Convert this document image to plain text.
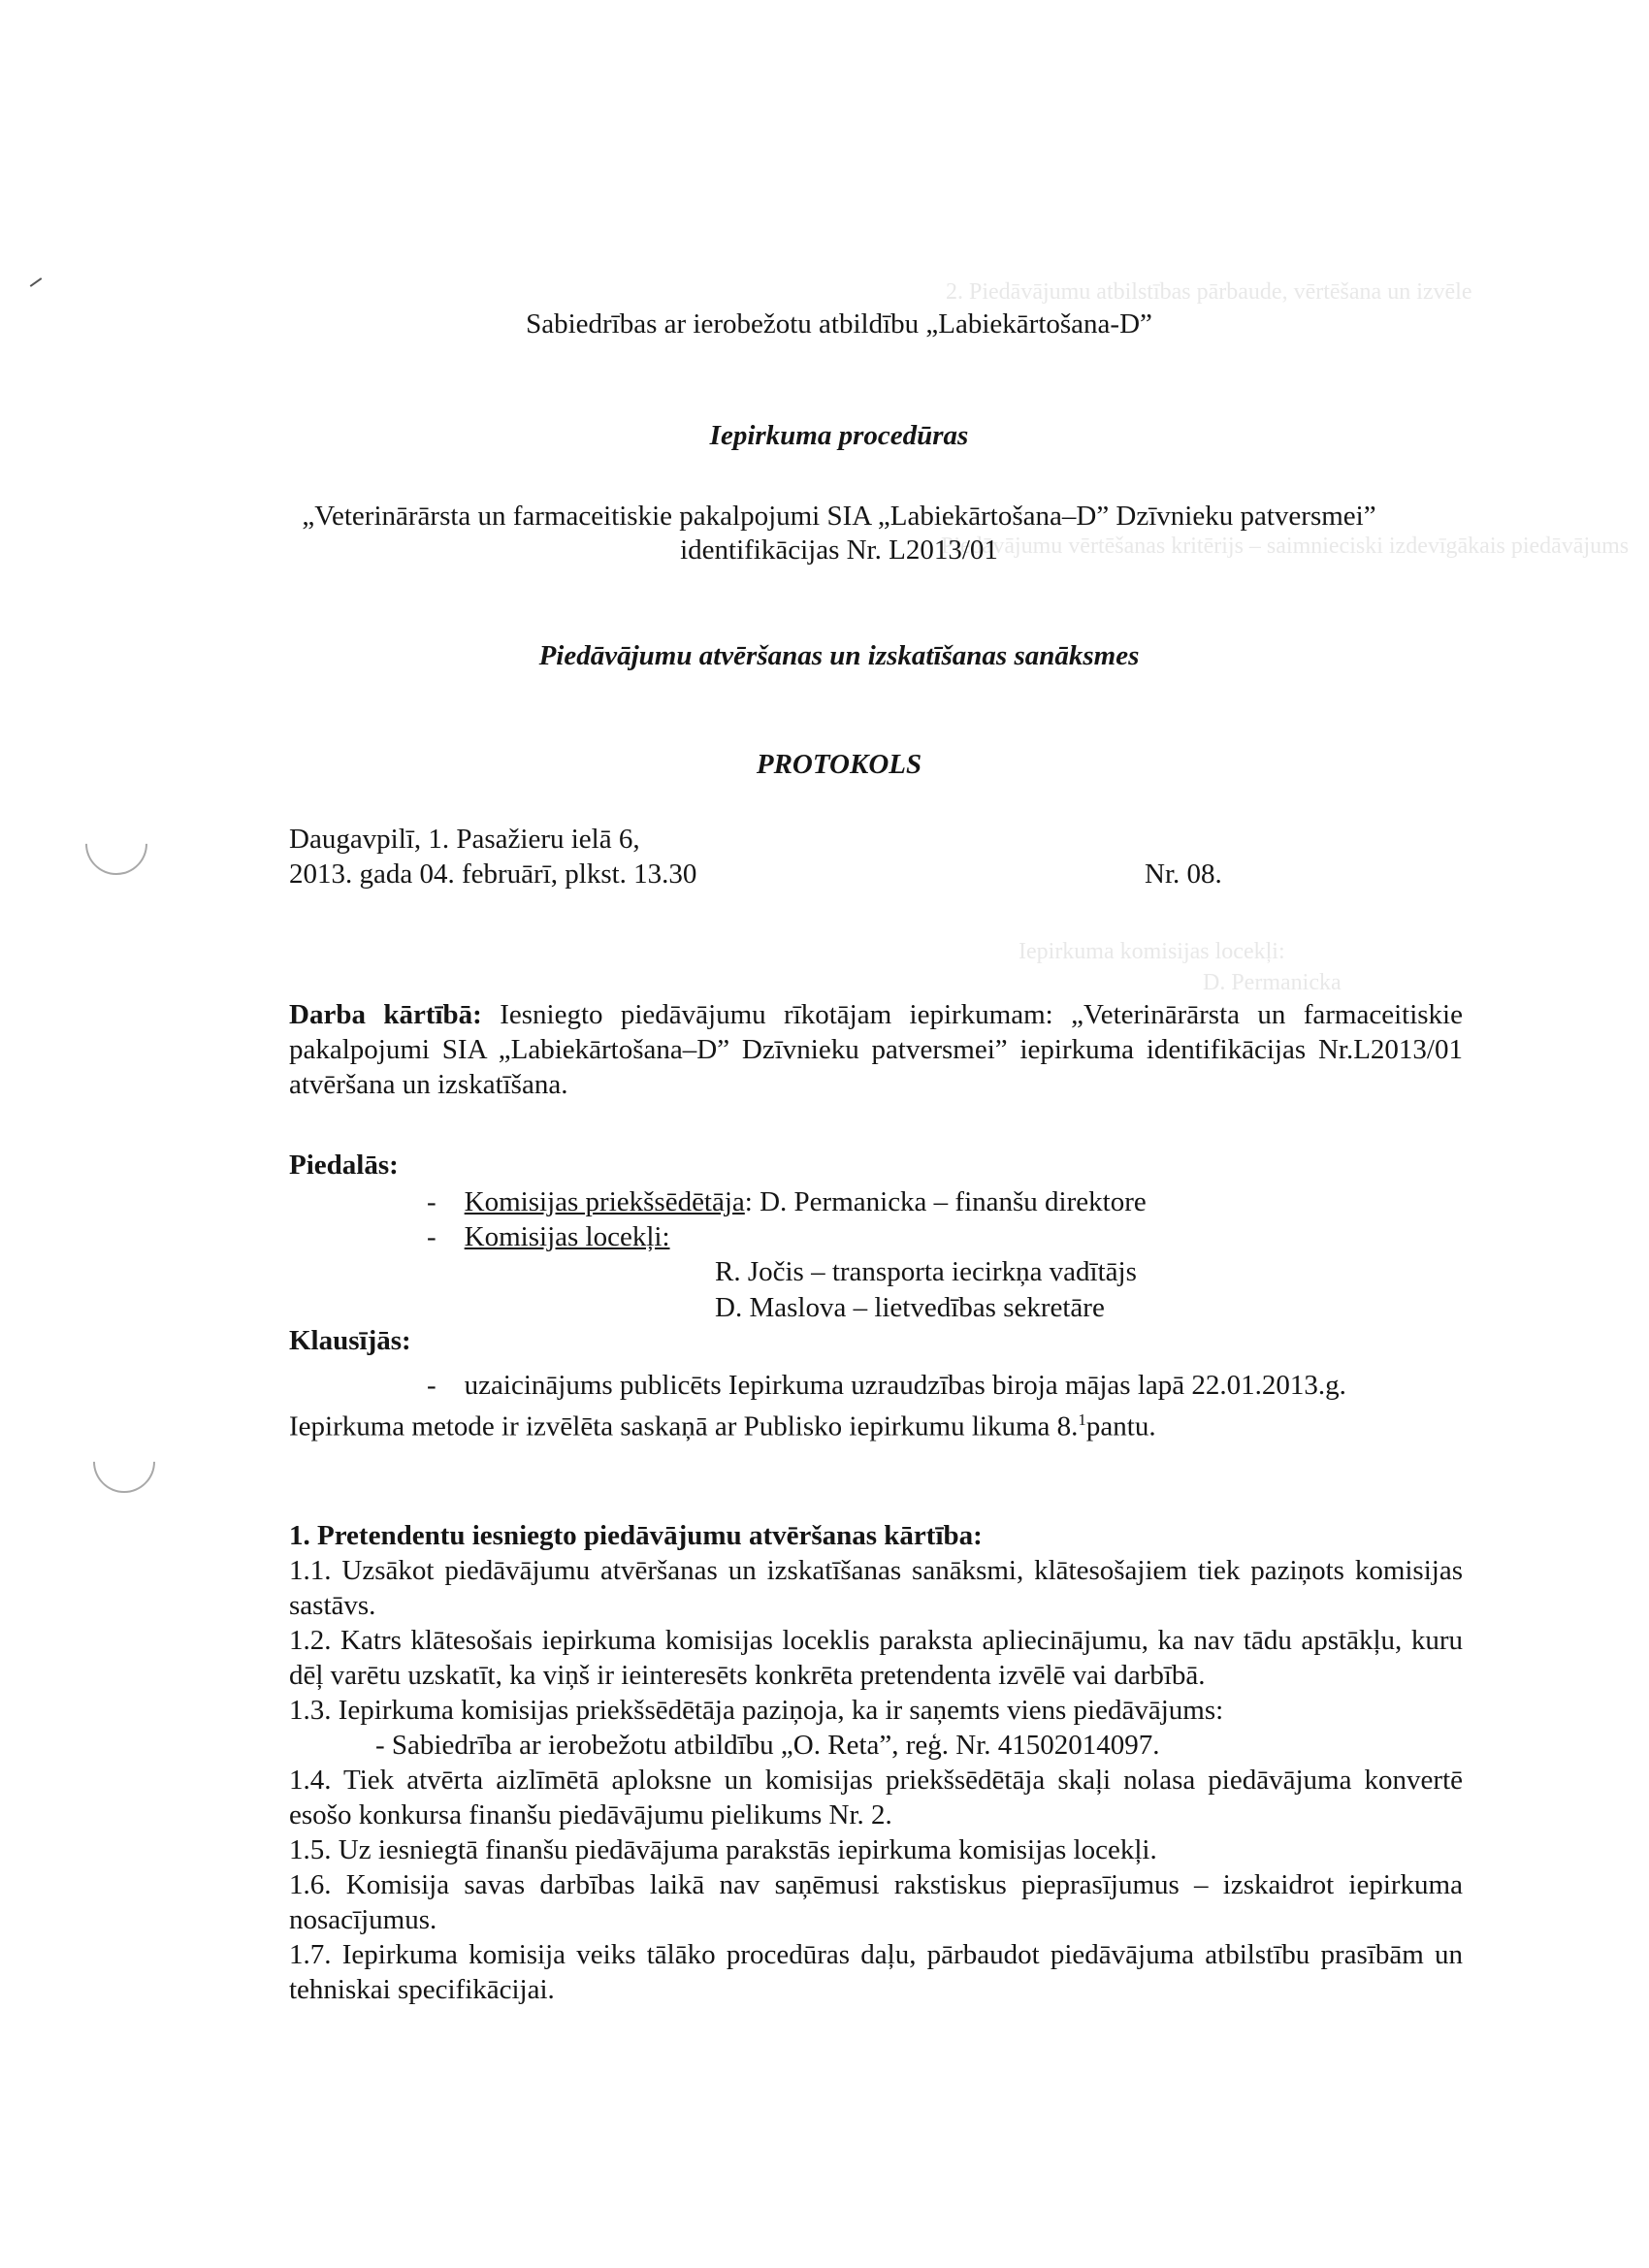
2. Piedāvājumu atbilstības pārbaude, vērtēšana un izvēle
Piedāvājumu vērtēšanas kritērijs – saimnieciski izdevīgākais piedāvājums
Iepirkuma komisijas locekļi:
D. Permanicka
Sabiedrības ar ierobežotu atbildību „Labiekārtošana-D”
Iepirkuma procedūras
„Veterinārārsta un farmaceitiskie pakalpojumi SIA „Labiekārtošana–D” Dzīvnieku patversmei”
identifikācijas Nr. L2013/01
Piedāvājumu atvēršanas un izskatīšanas sanāksmes
PROTOKOLS
Daugavpilī, 1. Pasažieru ielā 6,
2013. gada 04. februārī, plkst. 13.30	Nr. 08.
Darba kārtībā: Iesniegto piedāvājumu rīkotājam iepirkumam: „Veterinārārsta un farmaceitiskie pakalpojumi SIA „Labiekārtošana–D” Dzīvnieku patversmei” iepirkuma identifikācijas Nr.L2013/01 atvēršana un izskatīšana.
Piedalās:
-    Komisijas priekšsēdētāja: D. Permanicka – finanšu direktore
-    Komisijas locekļi:
R. Jočis – transporta iecirkņa vadītājs
D. Maslova – lietvedības sekretāre
Klausījās:
-    uzaicinājums publicēts Iepirkuma uzraudzības biroja mājas lapā 22.01.2013.g.
Iepirkuma metode ir izvēlēta saskaņā ar Publisko iepirkumu likuma 8.$^1$pantu.
1. Pretendentu iesniegto piedāvājumu atvēršanas kārtība:
1.1. Uzsākot piedāvājumu atvēršanas un izskatīšanas sanāksmi, klātesošajiem tiek paziņots komisijas sastāvs.
1.2. Katrs klātesošais iepirkuma komisijas loceklis paraksta apliecinājumu, ka nav tādu apstākļu, kuru dēļ varētu uzskatīt, ka viņš ir ieinteresēts konkrēta pretendenta izvēlē vai darbībā.
1.3. Iepirkuma komisijas priekšsēdētāja paziņoja, ka ir saņemts viens piedāvājums:
- Sabiedrība ar ierobežotu atbildību „O. Reta”, reģ. Nr. 41502014097.
1.4. Tiek atvērta aizlīmētā aploksne un komisijas priekšsēdētāja skaļi nolasa piedāvājuma konvertē esošo konkursa finanšu piedāvājumu pielikums Nr. 2.
1.5. Uz iesniegtā finanšu piedāvājuma parakstās iepirkuma komisijas locekļi.
1.6. Komisija savas darbības laikā nav saņēmusi rakstiskus pieprasījumus – izskaidrot iepirkuma nosacījumus.
1.7. Iepirkuma komisija veiks tālāko procedūras daļu, pārbaudot piedāvājuma atbilstību prasībām un tehniskai specifikācijai.
